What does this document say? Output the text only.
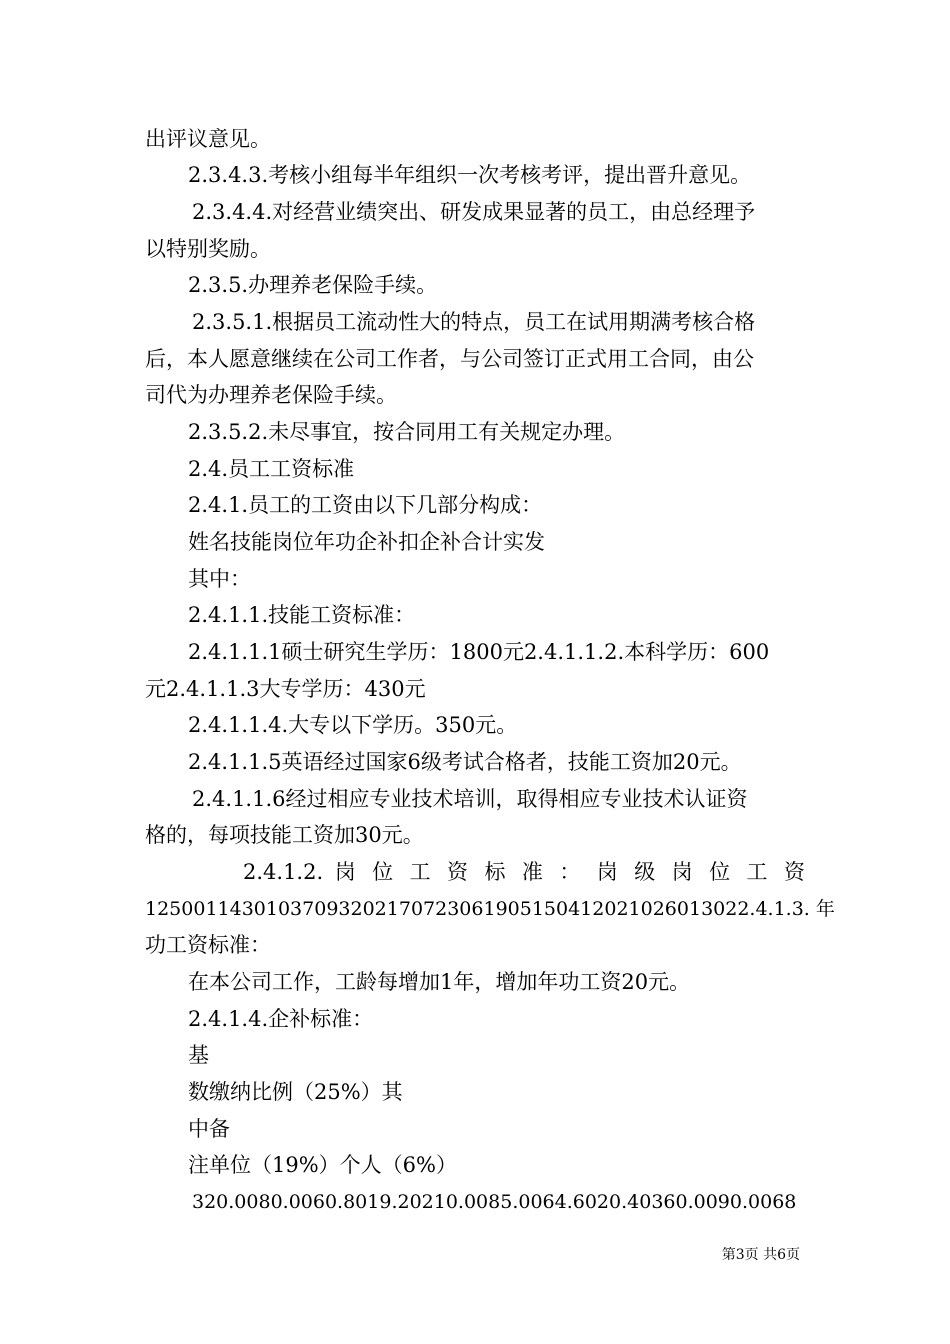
出评议意见。
2.3.4.3.考核小组每半年组织一次考核考评，提出晋升意见。
2.3.4.4.对经营业绩突出、研发成果显著的员工，由总经理予
以特别奖励。
2.3.5.办理养老保险手续。
2.3.5.1.根据员工流动性大的特点，员工在试用期满考核合格
后，本人愿意继续在公司工作者，与公司签订正式用工合同，由公
司代为办理养老保险手续。
2.3.5.2.未尽事宜，按合同用工有关规定办理。
2.4.员工工资标准
2.4.1.员工的工资由以下几部分构成：
姓名技能岗位年功企补扣企补合计实发
其中：
2.4.1.1.技能工资标准：
2.4.1.1.1硕士研究生学历：1800元2.4.1.1.2.本科学历：600
元2.4.1.1.3大专学历：430元
2.4.1.1.4.大专以下学历。350元。
2.4.1.1.5英语经过国家6级考试合格者，技能工资加20元。
2.4.1.1.6经过相应专业技术培训，取得相应专业技术认证资
格的，每项技能工资加30元。
2.4.1.2. 岗 位 工 资 标 准 ： 岗 级 岗 位 工 资
12500114301037093202170723061905150412021026013022.4.1.3. 年
功工资标准：
在本公司工作，工龄每增加1年，增加年功工资20元。
2.4.1.4.企补标准：
基
数缴纳比例（25%）其
中备
注单位（19%）个人（6%）
320.0080.0060.8019.20210.0085.0064.6020.40360.0090.0068
第3页 共6页
